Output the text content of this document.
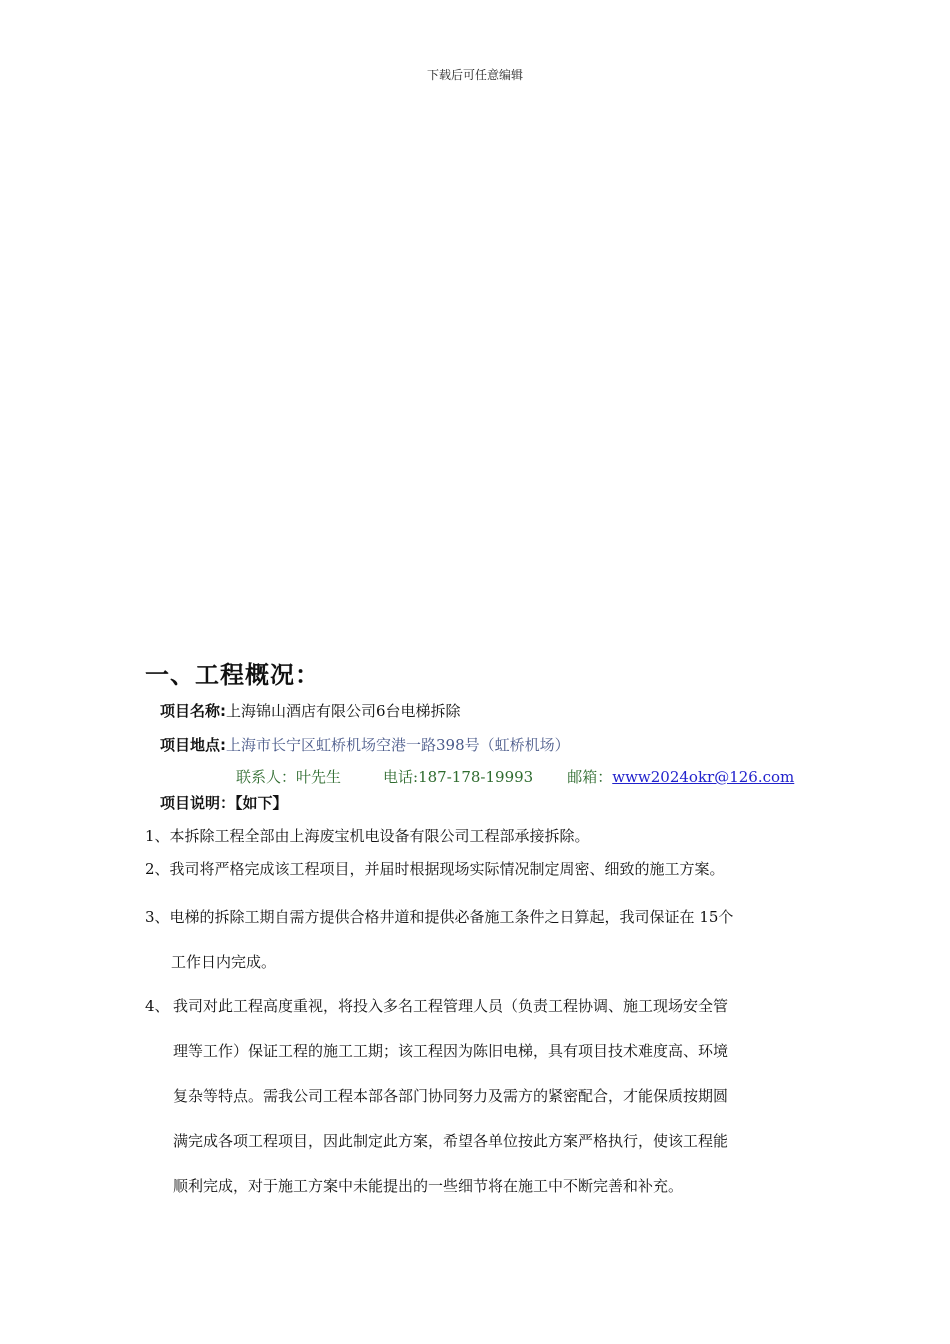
下载后可任意编辑
一、工程概况：
项目名称:上海锦山酒店有限公司6台电梯拆除
项目地点:上海市长宁区虹桥机场空港一路398号（虹桥机场）
联系人：叶先生	电话:187-178-19993 邮箱：www2024okr@126.com
项目说明：【如下】

1、本拆除工程全部由上海废宝机电设备有限公司工程部承接拆除。

2、我司将严格完成该工程项目，并届时根据现场实际情况制定周密、细致的施工方案。

3、电梯的拆除工期自需方提供合格井道和提供必备施工条件之日算起，我司保证在 15个
工作日内完成。

4、 我司对此工程高度重视，将投入多名工程管理人员（负责工程协调、施工现场安全管
理等工作）保证工程的施工工期；该工程因为陈旧电梯，具有项目技术难度高、环境
复杂等特点。需我公司工程本部各部门协同努力及需方的紧密配合，才能保质按期圆
满完成各项工程项目，因此制定此方案，希望各单位按此方案严格执行，使该工程能
顺利完成，对于施工方案中未能提出的一些细节将在施工中不断完善和补充。
